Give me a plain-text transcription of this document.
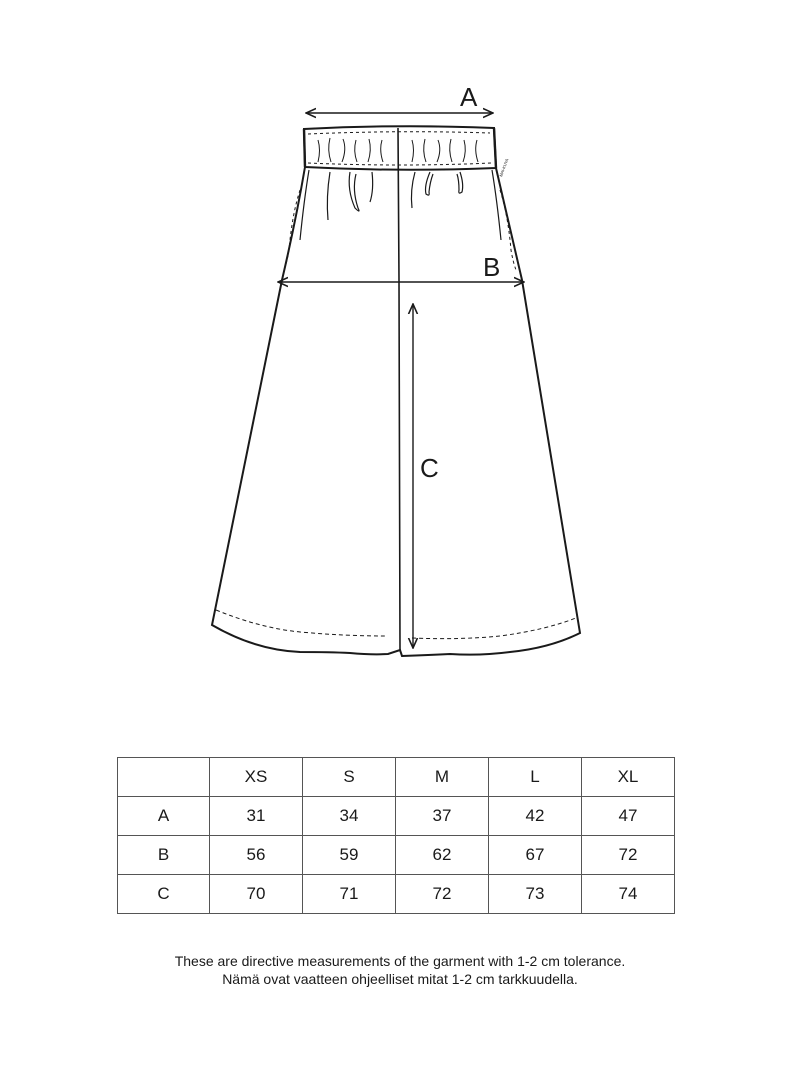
MAI-KUVA
A
B
C
	XS	S	M	L	XL
A	31	34	37	42	47
B	56	59	62	67	72
C	70	71	72	73	74
These are directive measurements of the garment with 1-2 cm tolerance.
Nämä ovat vaatteen ohjeelliset mitat 1-2 cm tarkkuudella.
